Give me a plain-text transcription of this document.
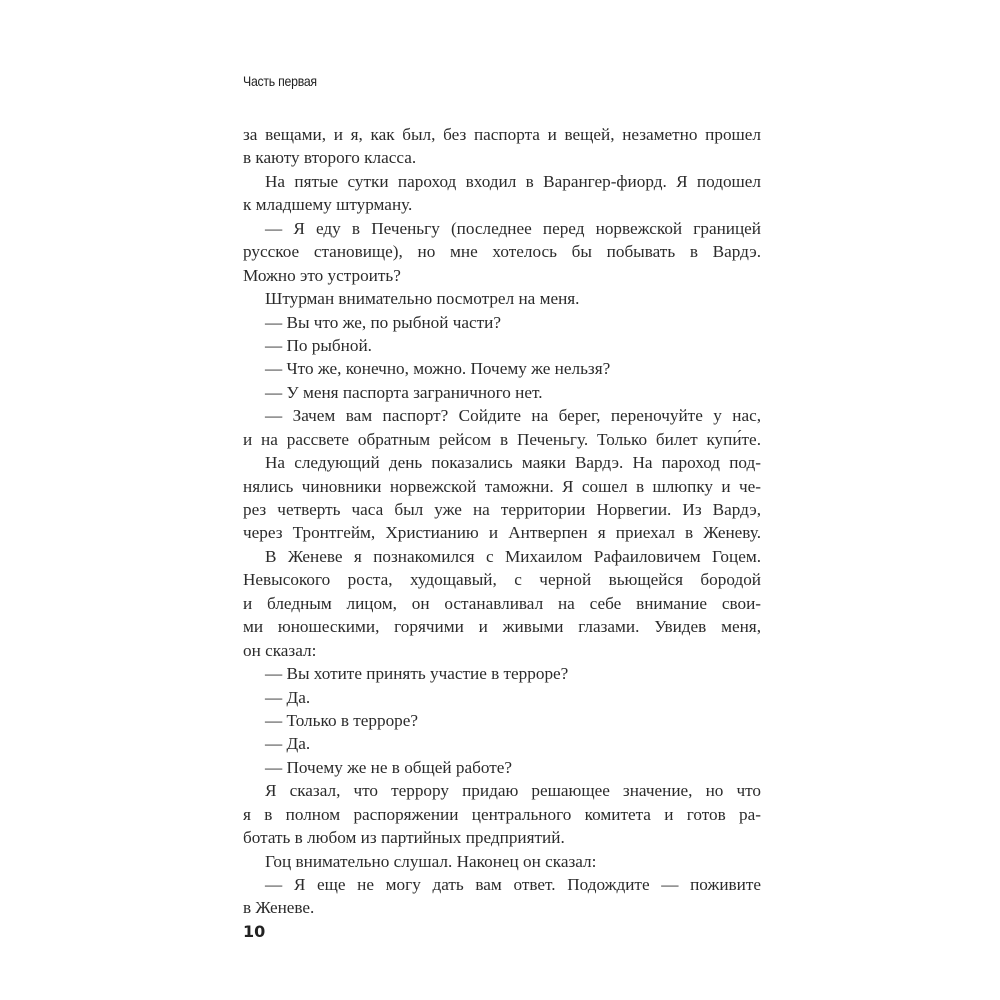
Часть первая
за вещами, и я, как был, без паспорта и вещей, незаметно прошел
в каюту второго класса.
На пятые сутки пароход входил в Варангер-фиорд. Я подошел
к младшему штурману.
— Я еду в Печеньгу (последнее перед норвежской границей
русское становище), но мне хотелось бы побывать в Вардэ.
Можно это устроить?
Штурман внимательно посмотрел на меня.
— Вы что же, по рыбной части?
— По рыбной.
— Что же, конечно, можно. Почему же нельзя?
— У меня паспорта заграничного нет.
— Зачем вам паспорт? Сойдите на берег, переночуйте у нас,
и на рассвете обратным рейсом в Печеньгу. Только билет купи́те.
На следующий день показались маяки Вардэ. На пароход под-
нялись чиновники норвежской таможни. Я сошел в шлюпку и че-
рез четверть часа был уже на территории Норвегии. Из Вардэ,
через Тронтгейм, Христианию и Антверпен я приехал в Женеву.
В Женеве я познакомился с Михаилом Рафаиловичем Гоцем.
Невысокого роста, худощавый, с черной вьющейся бородой
и бледным лицом, он останавливал на себе внимание свои-
ми юношескими, горячими и живыми глазами. Увидев меня,
он сказал:
— Вы хотите принять участие в терроре?
— Да.
— Только в терроре?
— Да.
— Почему же не в общей работе?
Я сказал, что террору придаю решающее значение, но что
я в полном распоряжении центрального комитета и готов ра-
ботать в любом из партийных предприятий.
Гоц внимательно слушал. Наконец он сказал:
— Я еще не могу дать вам ответ. Подождите — поживите
в Женеве.
10
